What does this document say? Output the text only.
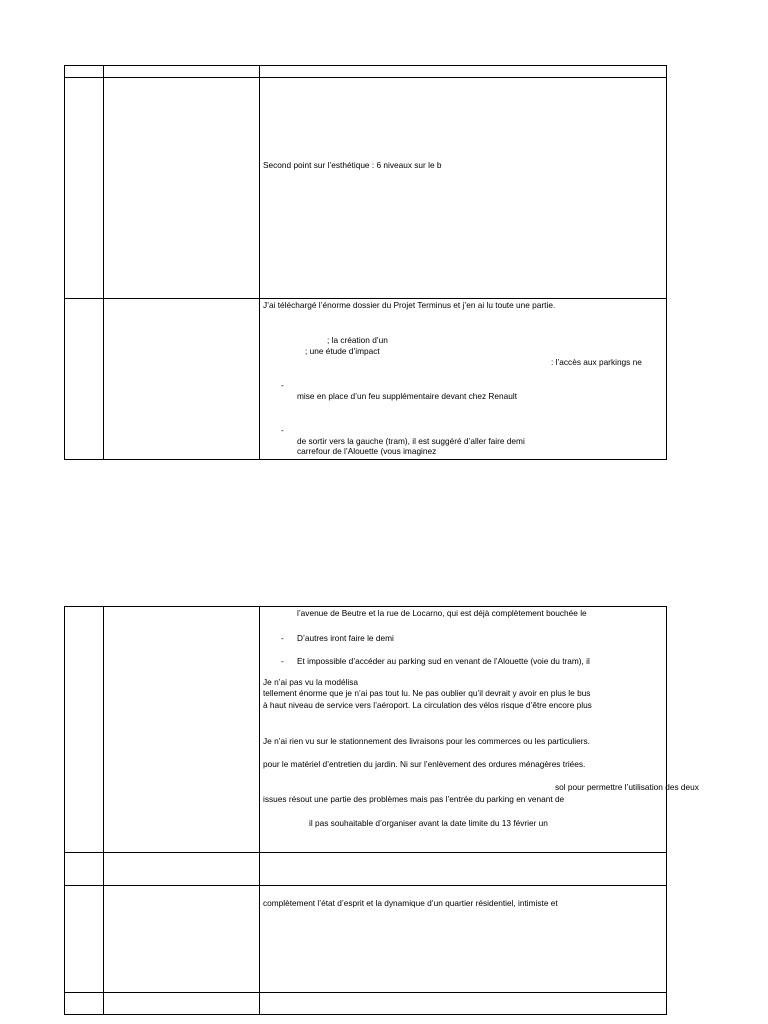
Second point sur l’esthétique : 6 niveaux sur le b
J’ai téléchargé l’énorme dossier du Projet Terminus et j’en ai lu toute une partie.
; la création d’un
; une étude d’impact
: l’accès aux parkings ne
-
mise en place d’un feu supplémentaire devant chez Renault
-
de sortir vers la gauche (tram), il est suggéré d’aller faire demi
carrefour de l’Alouette (vous imaginez
l’avenue de Beutre et la rue de Locarno, qui est déjà complètement bouchée le
- D’autres iront faire le demi
- Et impossible d’accéder au parking sud en venant de l’Alouette (voie du tram), il
Je n’ai pas vu la modélisa
tellement énorme que je n’ai pas tout lu. Ne pas oublier qu’il devrait y avoir en plus le bus
à haut niveau de service vers l’aéroport. La circulation des vélos risque d’être encore plus
Je n’ai rien vu sur le stationnement des livraisons pour les commerces ou les particuliers.
pour le matériel d’entretien du jardin. Ni sur l’enlèvement des ordures ménagères triées.
sol pour permettre l’utilisation des deux
issues résout une partie des problèmes mais pas l’entrée du parking en venant de
il pas souhaitable d’organiser avant la date limite du 13 février un
complètement l’état d’esprit et la dynamique d’un quartier résidentiel, intimiste et
